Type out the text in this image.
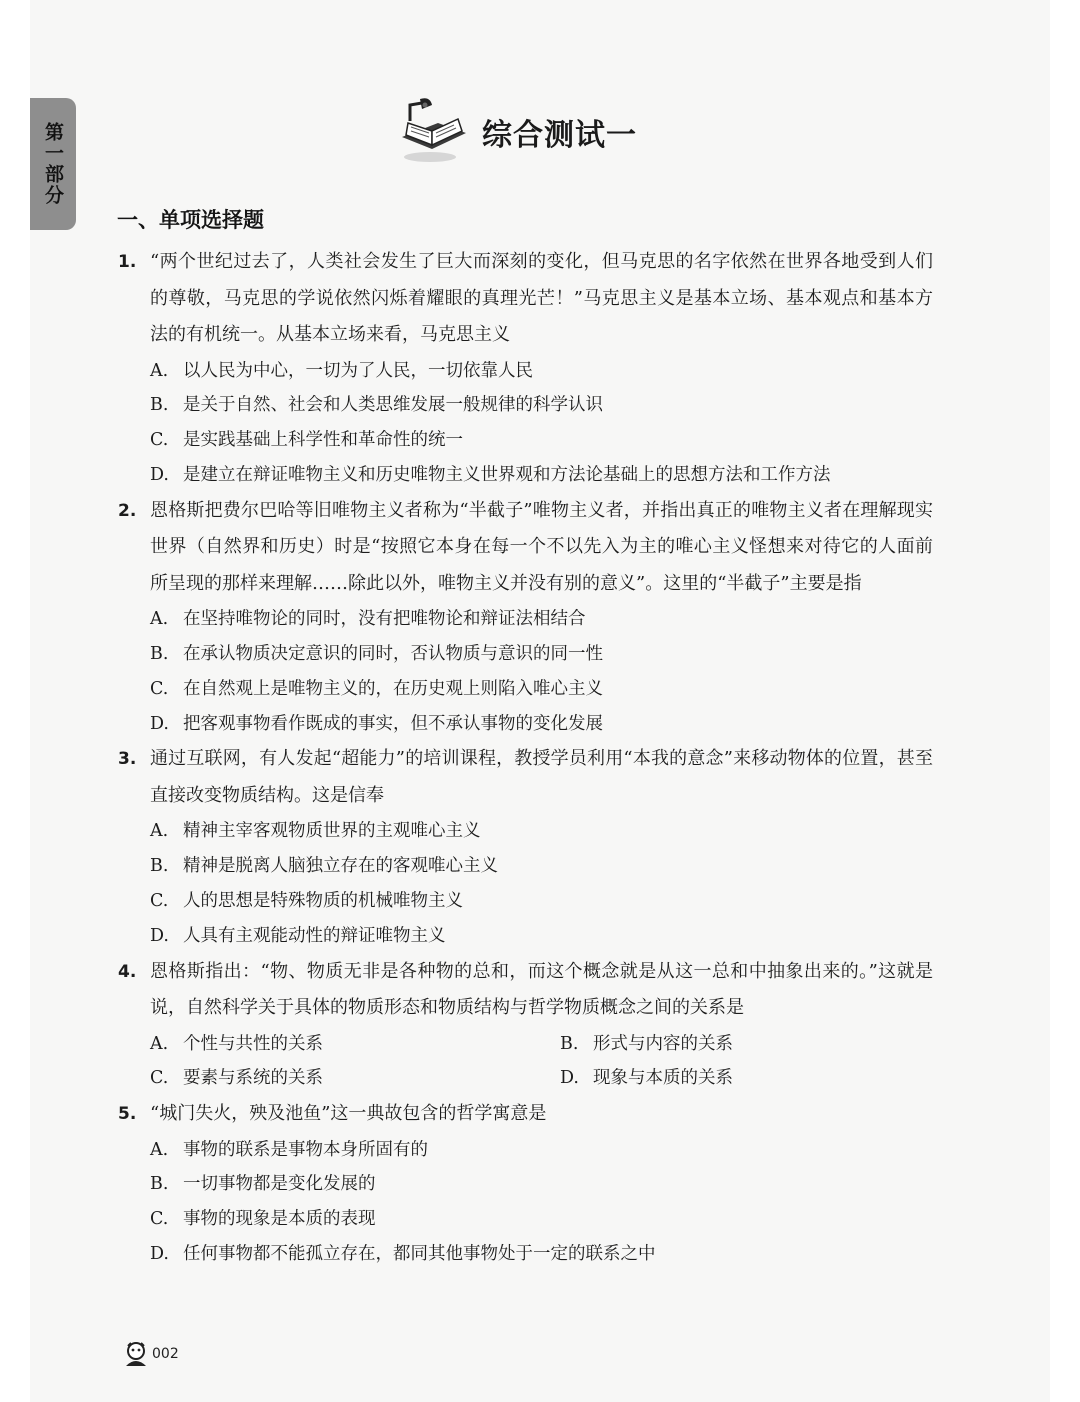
第一部分	综合测试一
一、单项选择题
1. “两个世纪过去了，人类社会发生了巨大而深刻的变化，但马克思的名字依然在世界各地受到人们的尊敬，马克思的学说依然闪烁着耀眼的真理光芒！”马克思主义是基本立场、基本观点和基本方法的有机统一。从基本立场来看，马克思主义
A. 以人民为中心，一切为了人民，一切依靠人民
B. 是关于自然、社会和人类思维发展一般规律的科学认识
C. 是实践基础上科学性和革命性的统一
D. 是建立在辩证唯物主义和历史唯物主义世界观和方法论基础上的思想方法和工作方法
2. 恩格斯把费尔巴哈等旧唯物主义者称为“半截子”唯物主义者，并指出真正的唯物主义者在理解现实世界（自然界和历史）时是“按照它本身在每一个不以先入为主的唯心主义怪想来对待它的人面前所呈现的那样来理解……除此以外，唯物主义并没有别的意义”。这里的“半截子”主要是指
A. 在坚持唯物论的同时，没有把唯物论和辩证法相结合
B. 在承认物质决定意识的同时，否认物质与意识的同一性
C. 在自然观上是唯物主义的，在历史观上则陷入唯心主义
D. 把客观事物看作既成的事实，但不承认事物的变化发展
3. 通过互联网，有人发起“超能力”的培训课程，教授学员利用“本我的意念”来移动物体的位置，甚至直接改变物质结构。这是信奉
A. 精神主宰客观物质世界的主观唯心主义
B. 精神是脱离人脑独立存在的客观唯心主义
C. 人的思想是特殊物质的机械唯物主义
D. 人具有主观能动性的辩证唯物主义
4. 恩格斯指出：“物、物质无非是各种物的总和，而这个概念就是从这一总和中抽象出来的。”这就是说，自然科学关于具体的物质形态和物质结构与哲学物质概念之间的关系是
A. 个性与共性的关系	B. 形式与内容的关系
C. 要素与系统的关系	D. 现象与本质的关系
5. “城门失火，殃及池鱼”这一典故包含的哲学寓意是
A. 事物的联系是事物本身所固有的
B. 一切事物都是变化发展的
C. 事物的现象是本质的表现
D. 任何事物都不能孤立存在，都同其他事物处于一定的联系之中
002
